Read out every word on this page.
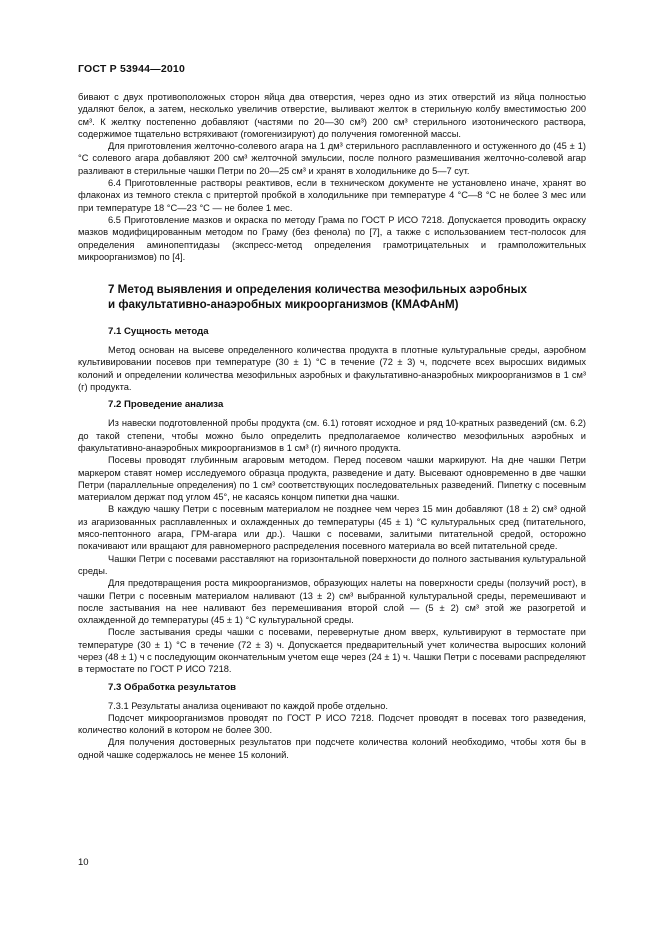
ГОСТ Р 53944—2010

бивают с двух противоположных сторон яйца два отверстия, через одно из этих отверстий из яйца полностью удаляют белок, а затем, несколько увеличив отверстие, выливают желток в стерильную колбу вместимостью 200 см³. К желтку постепенно добавляют (частями по 20—30 см³) 200 см³ стерильного изотонического раствора, содержимое тщательно встряхивают (гомогенизируют) до получения гомогенной массы.

Для приготовления желточно-солевого агара на 1 дм³ стерильного расплавленного и остуженного до (45 ± 1) °С солевого агара добавляют 200 см³ желточной эмульсии, после полного размешивания желточно-солевой агар разливают в стерильные чашки Петри по 20—25 см³ и хранят в холодильнике до 5—7 сут.

6.4 Приготовленные растворы реактивов, если в техническом документе не установлено иначе, хранят во флаконах из темного стекла с притертой пробкой в холодильнике при температуре 4 °С—8 °С не более 3 мес или при температуре 18 °С—23 °С — не более 1 мес.

6.5 Приготовление мазков и окраска по методу Грама по ГОСТ Р ИСО 7218. Допускается проводить окраску мазков модифицированным методом по Граму (без фенола) по [7], а также с использованием тест-полосок для определения аминопептидазы (экспресс-метод определения грамотрицательных и грамположительных микроорганизмов) по [4].

7 Метод выявления и определения количества мезофильных аэробных
и факультативно-анаэробных микроорганизмов (КМАФАнМ)
7.1 Сущность метода

Метод основан на высеве определенного количества продукта в плотные культуральные среды, аэробном культивировании посевов при температуре (30 ± 1) °С в течение (72 ± 3) ч, подсчете всех выросших видимых колоний и определении количества мезофильных аэробных и факультативно-анаэробных микроорганизмов в 1 см³ (г) продукта.

7.2 Проведение анализа

Из навески подготовленной пробы продукта (см. 6.1) готовят исходное и ряд 10-кратных разведений (см. 6.2) до такой степени, чтобы можно было определить предполагаемое количество мезофильных аэробных и факультативно-анаэробных микроорганизмов в 1 см³ (г) яичного продукта.

Посевы проводят глубинным агаровым методом. Перед посевом чашки маркируют. На дне чашки Петри маркером ставят номер исследуемого образца продукта, разведение и дату. Высевают одновременно в две чашки Петри (параллельные определения) по 1 см³ соответствующих последовательных разведений. Пипетку с посевным материалом держат под углом 45°, не касаясь концом пипетки дна чашки.

В каждую чашку Петри с посевным материалом не позднее чем через 15 мин добавляют (18 ± 2) см³ одной из агаризованных расплавленных и охлажденных до температуры (45 ± 1) °С культуральных сред (питательного, мясо-пептонного агара, ГРМ-агара или др.). Чашки с посевами, залитыми питательной средой, осторожно покачивают или вращают для равномерного распределения посевного материала во всей питательной среде.

Чашки Петри с посевами расставляют на горизонтальной поверхности до полного застывания культуральной среды.

Для предотвращения роста микроорганизмов, образующих налеты на поверхности среды (ползучий рост), в чашки Петри с посевным материалом наливают (13 ± 2) см³ выбранной культуральной среды, перемешивают и после застывания на нее наливают без перемешивания второй слой — (5 ± 2) см³ этой же разогретой и охлажденной до температуры (45 ± 1) °С культуральной среды.

После застывания среды чашки с посевами, перевернутые дном вверх, культивируют в термостате при температуре (30 ± 1) °С в течение (72 ± 3) ч. Допускается предварительный учет количества выросших колоний через (48 ± 1) ч с последующим окончательным учетом еще через (24 ± 1) ч. Чашки Петри с посевами распределяют в термостате по ГОСТ Р ИСО 7218.

7.3 Обработка результатов

7.3.1 Результаты анализа оценивают по каждой пробе отдельно.

Подсчет микроорганизмов проводят по ГОСТ Р ИСО 7218. Подсчет проводят в посевах того разведения, количество колоний в котором не более 300.

Для получения достоверных результатов при подсчете количества колоний необходимо, чтобы хотя бы в одной чашке содержалось не менее 15 колоний.

10
